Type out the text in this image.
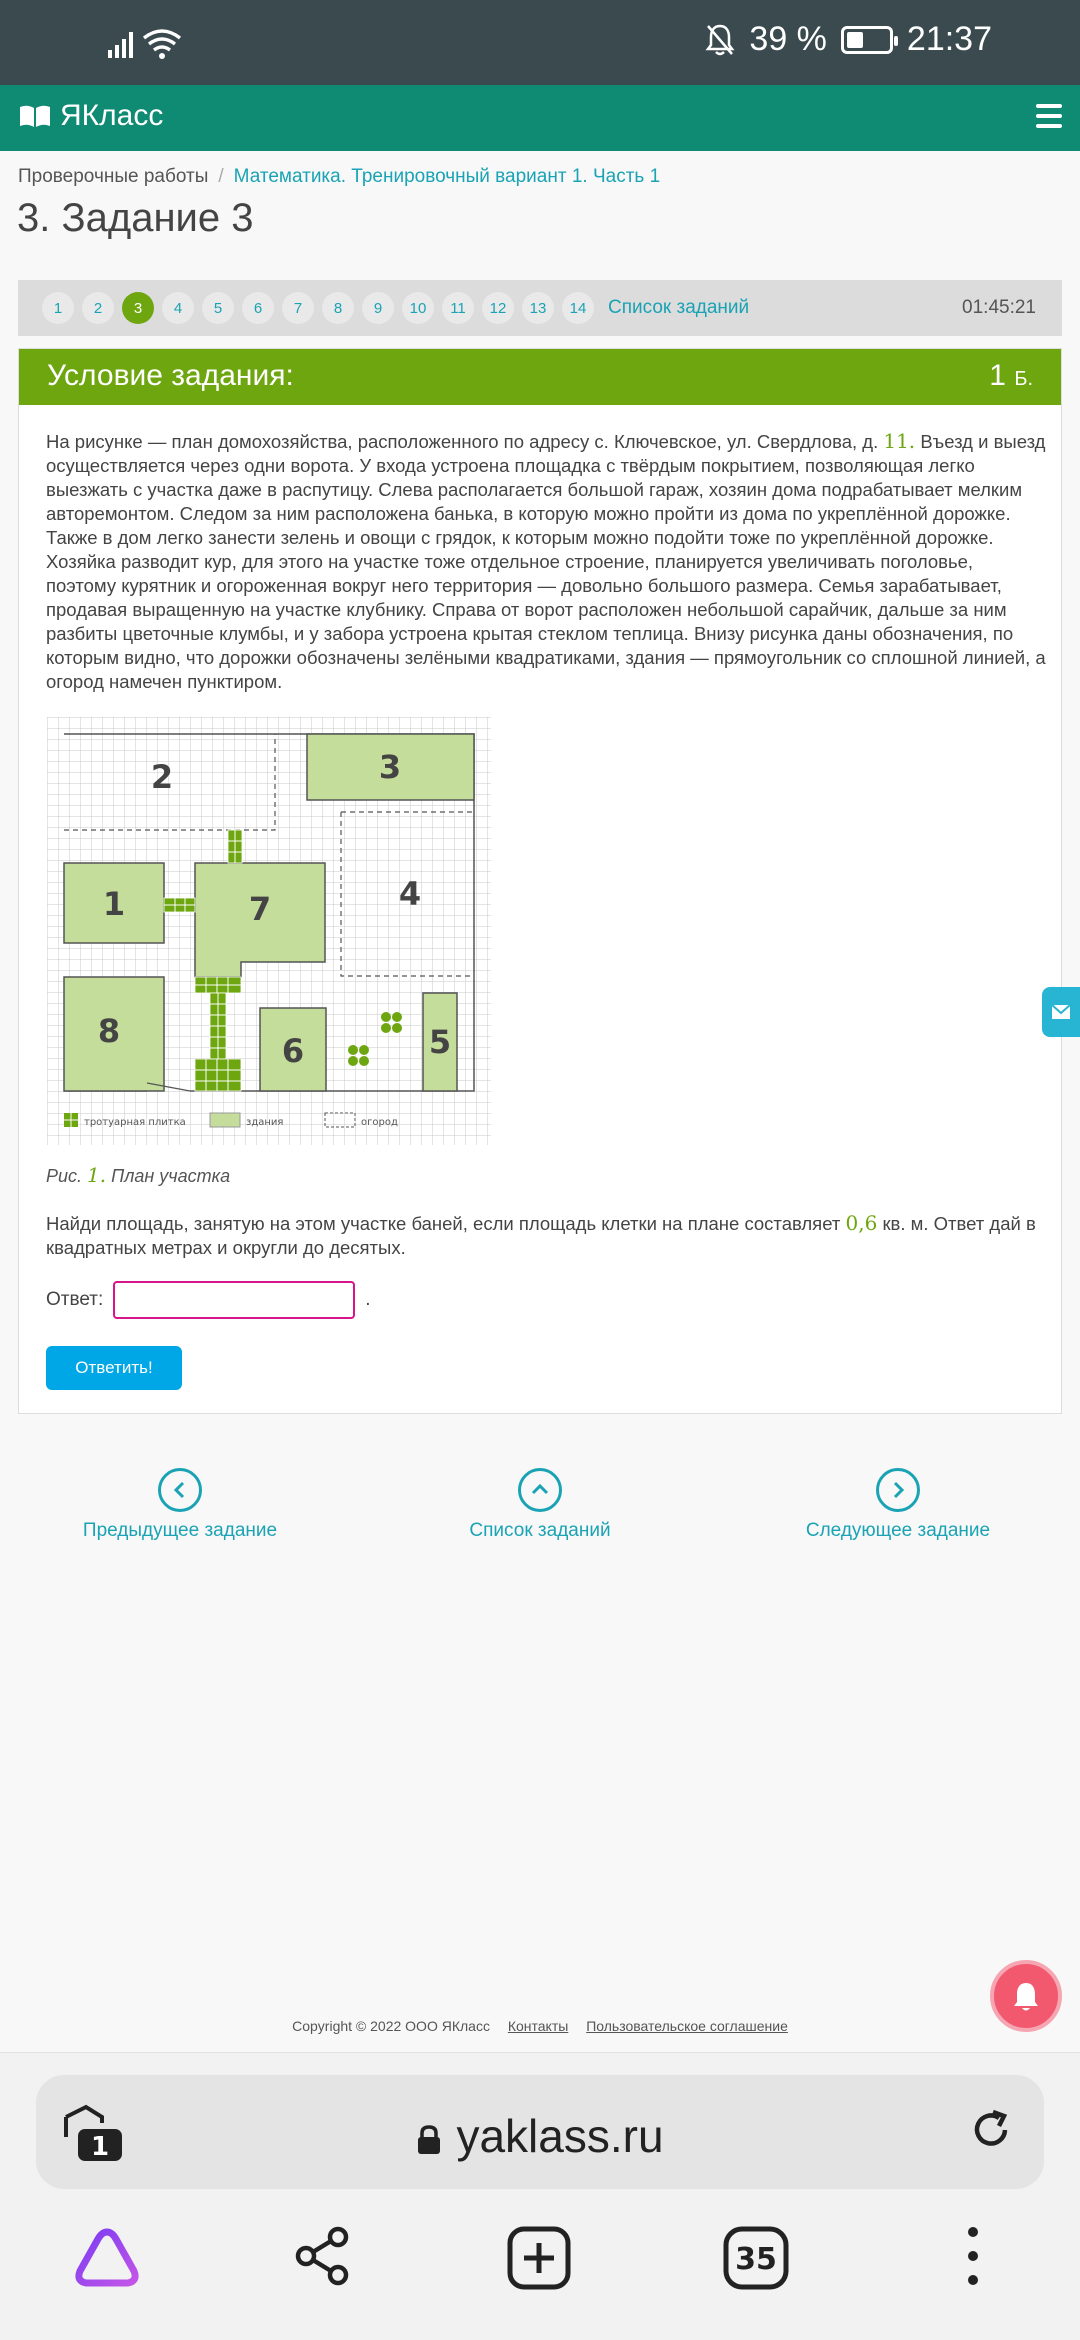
39 % 21:37
ЯКласс
Проверочные работы / Математика. Тренировочный вариант 1. Часть 1
3. Задание 3
1	2	3	4	5	6	7	8	9	10	11	12	13	14	Список заданий	01:45:21
Условие задания:	1 Б.
На рисунке — план домохозяйства, расположенного по адресу с. Ключевское, ул. Свердлова, д. 11. Въезд и выезд осуществляется через одни ворота. У входа устроена площадка с твёрдым покрытием, позволяющая легко выезжать с участка даже в распутицу. Слева располагается большой гараж, хозяин дома подрабатывает мелким авторемонтом. Следом за ним расположена банька, в которую можно пройти из дома по укреплённой дорожке. Также в дом легко занести зелень и овощи с грядок, к которым можно подойти тоже по укреплённой дорожке. Хозяйка разводит кур, для этого на участке тоже отдельное строение, планируется увеличивать поголовье, поэтому курятник и огороженная вокруг него территория — довольно большого размера. Семья зарабатывает, продавая выращенную на участке клубнику. Справа от ворот расположен небольшой сарайчик, дальше за ним разбиты цветочные клумбы, и у забора устроена крытая стеклом теплица. Внизу рисунка даны обозначения, по которым видно, что дорожки обозначены зелёными квадратиками, здания — прямоугольник со сплошной линией, а огород намечен пунктиром.
1
2	3
4
5
6
7
8
тротуарная плитка	здания	огород
Рис. 1. План участка
Найди площадь, занятую на этом участке баней, если площадь клетки на плане составляет 0,6 кв. м. Ответ дай в квадратных метрах и округли до десятых.
Ответ:	.
Ответить!
Предыдущее задание	Список заданий	Следующее задание
Copyright © 2022 ООО ЯКласс Контакты Пользовательское соглашение
1	yaklass.ru
35
